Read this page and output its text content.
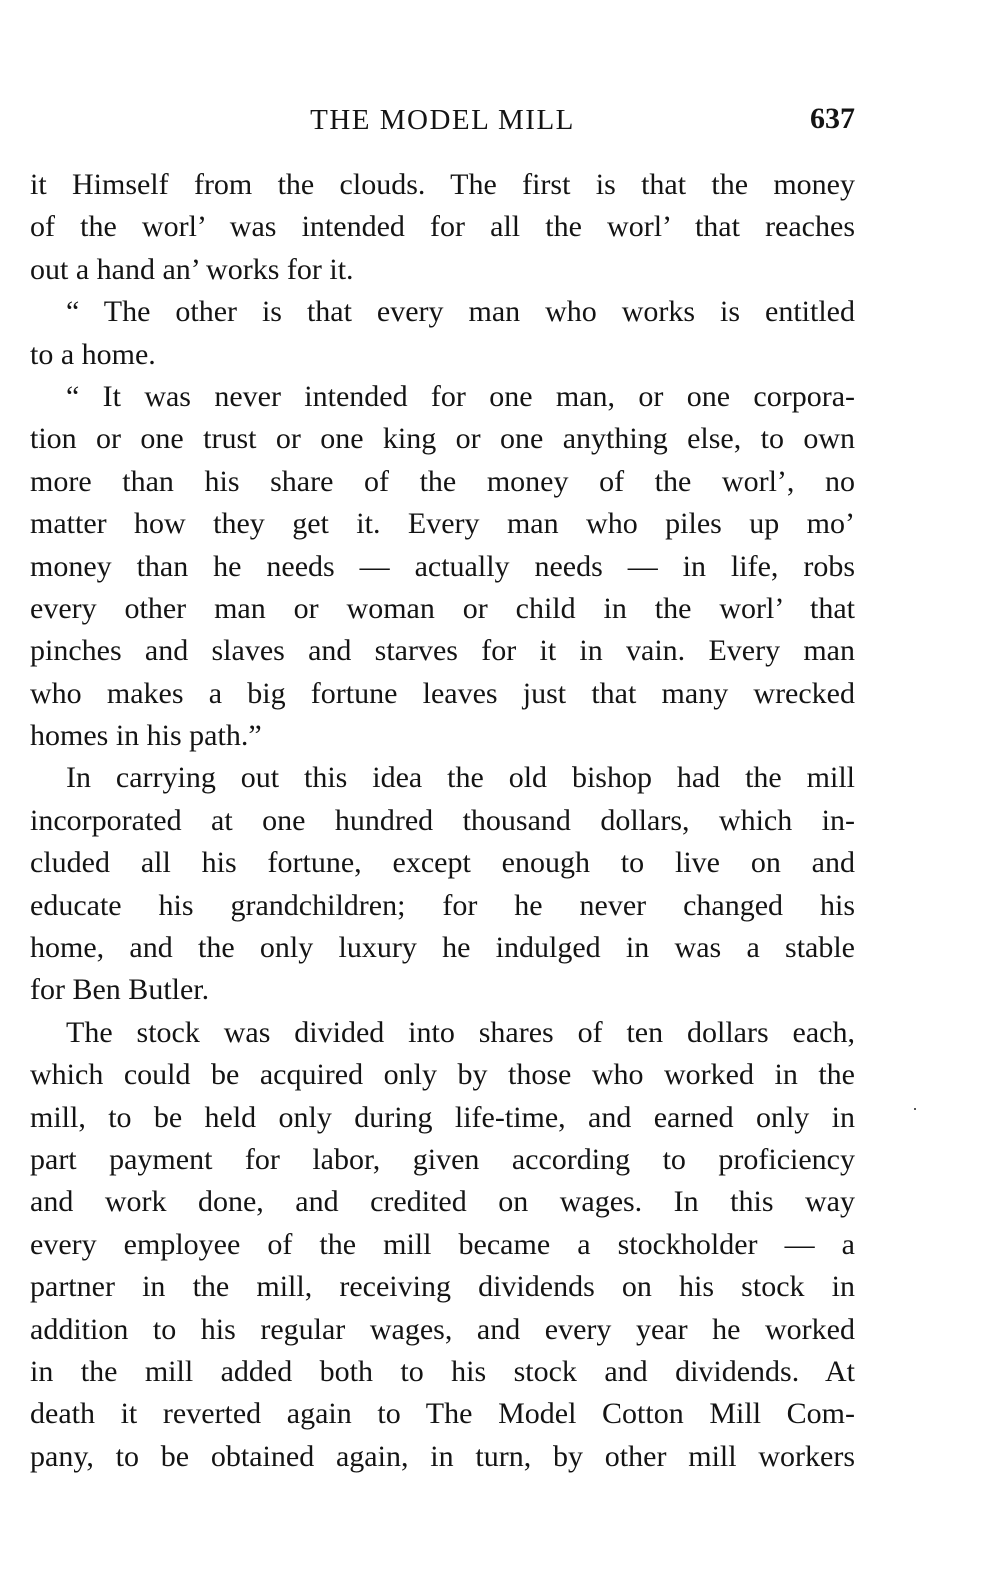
THE MODEL MILL	637
it Himself from the clouds. The first is that the money
of the worl’ was intended for all the worl’ that reaches
out a hand an’ works for it.
“ The other is that every man who works is entitled
to a home.
“ It was never intended for one man, or one corpora-
tion or one trust or one king or one anything else, to own
more than his share of the money of the worl’, no
matter how they get it. Every man who piles up mo’
money than he needs — actually needs — in life, robs
every other man or woman or child in the worl’ that
pinches and slaves and starves for it in vain. Every man
who makes a big fortune leaves just that many wrecked
homes in his path.”
In carrying out this idea the old bishop had the mill
incorporated at one hundred thousand dollars, which in-
cluded all his fortune, except enough to live on and
educate his grandchildren; for he never changed his
home, and the only luxury he indulged in was a stable
for Ben Butler.
The stock was divided into shares of ten dollars each,
which could be acquired only by those who worked in the
mill, to be held only during life-time, and earned only in
part payment for labor, given according to proficiency
and work done, and credited on wages. In this way
every employee of the mill became a stockholder — a
partner in the mill, receiving dividends on his stock in
addition to his regular wages, and every year he worked
in the mill added both to his stock and dividends. At
death it reverted again to The Model Cotton Mill Com-
pany, to be obtained again, in turn, by other mill workers
